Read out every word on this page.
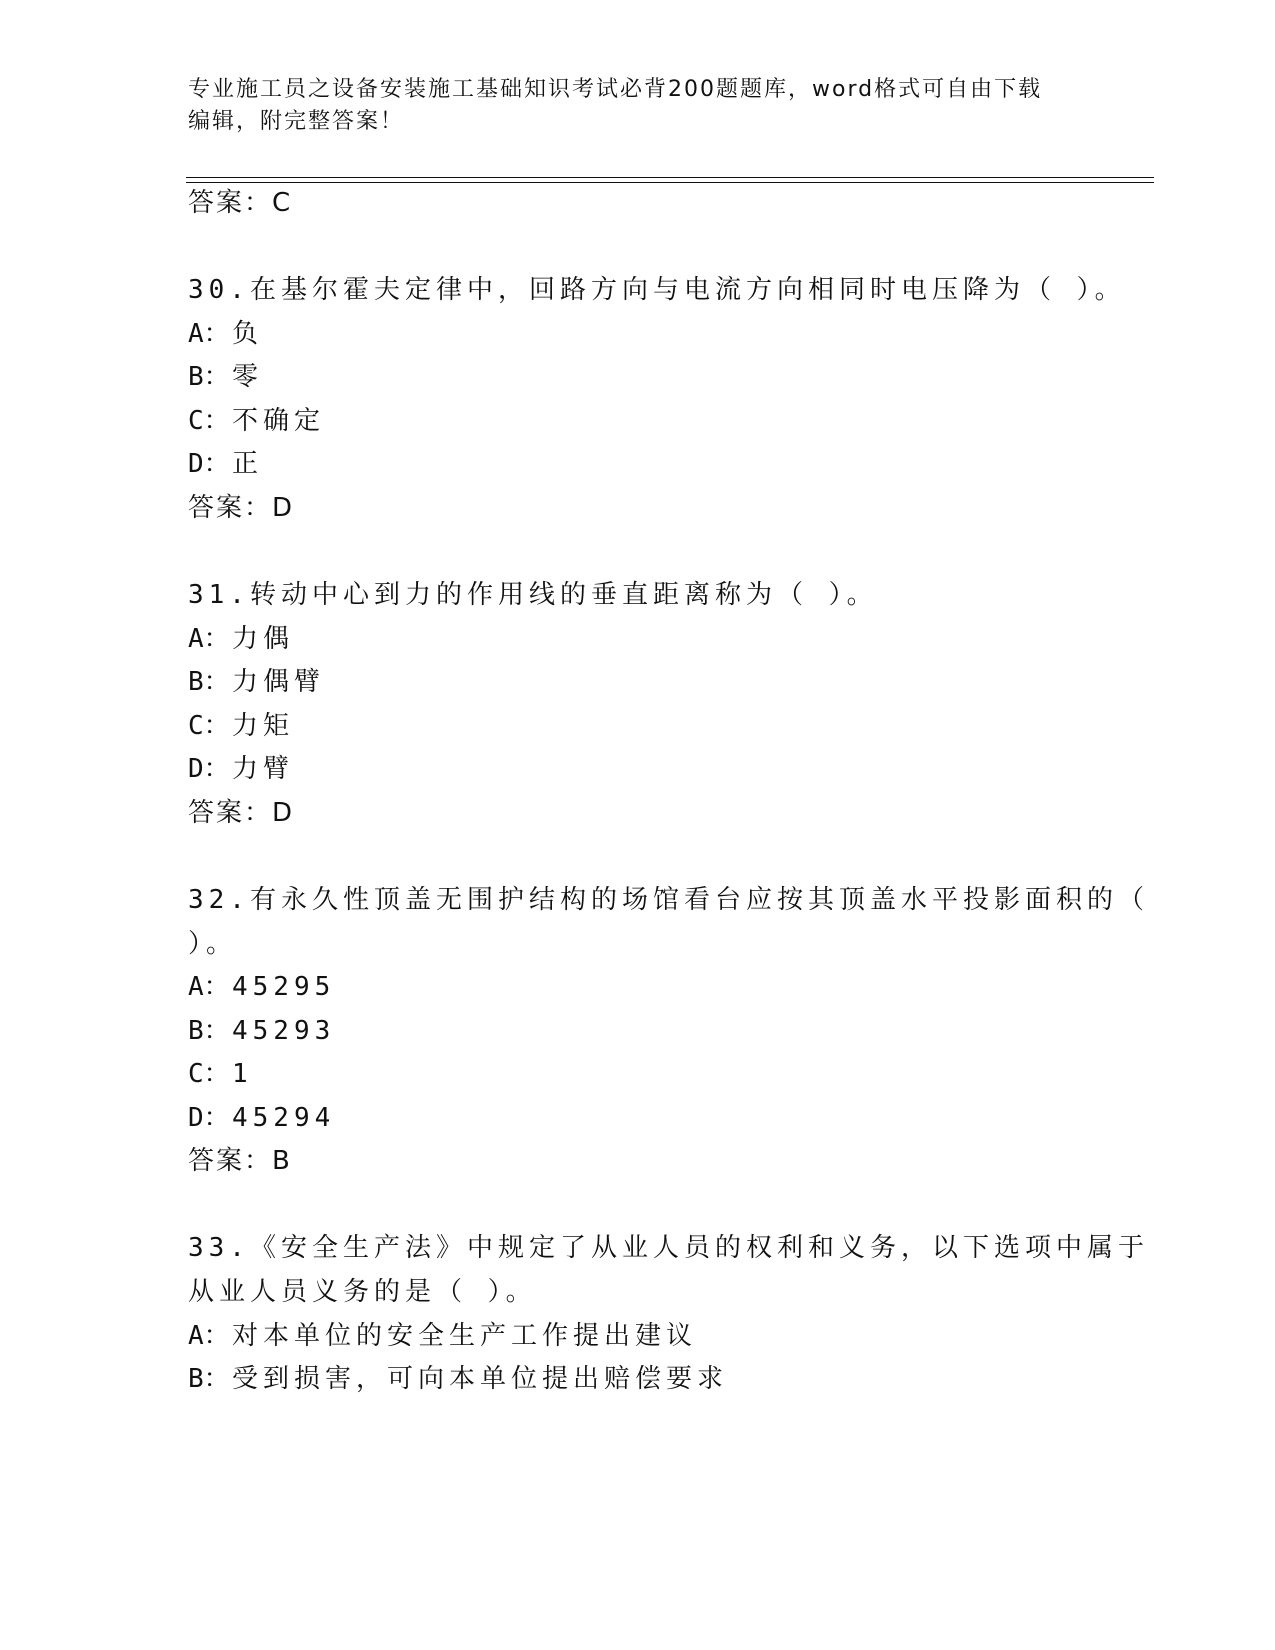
专业施工员之设备安装施工基础知识考试必背200题题库，word格式可自由下载
编辑，附完整答案！
答案：C
30.在基尔霍夫定律中，回路方向与电流方向相同时电压降为（ ）。
A：负
B：零
C：不确定
D：正
答案：D
31.转动中心到力的作用线的垂直距离称为（ ）。
A：力偶
B：力偶臂
C：力矩
D：力臂
答案：D
32.有永久性顶盖无围护结构的场馆看台应按其顶盖水平投影面积的（
）。
A：45295
B：45293
C：1
D：45294
答案：B
33.《安全生产法》中规定了从业人员的权利和义务，以下选项中属于
从业人员义务的是（ ）。
A：对本单位的安全生产工作提出建议
B：受到损害，可向本单位提出赔偿要求
